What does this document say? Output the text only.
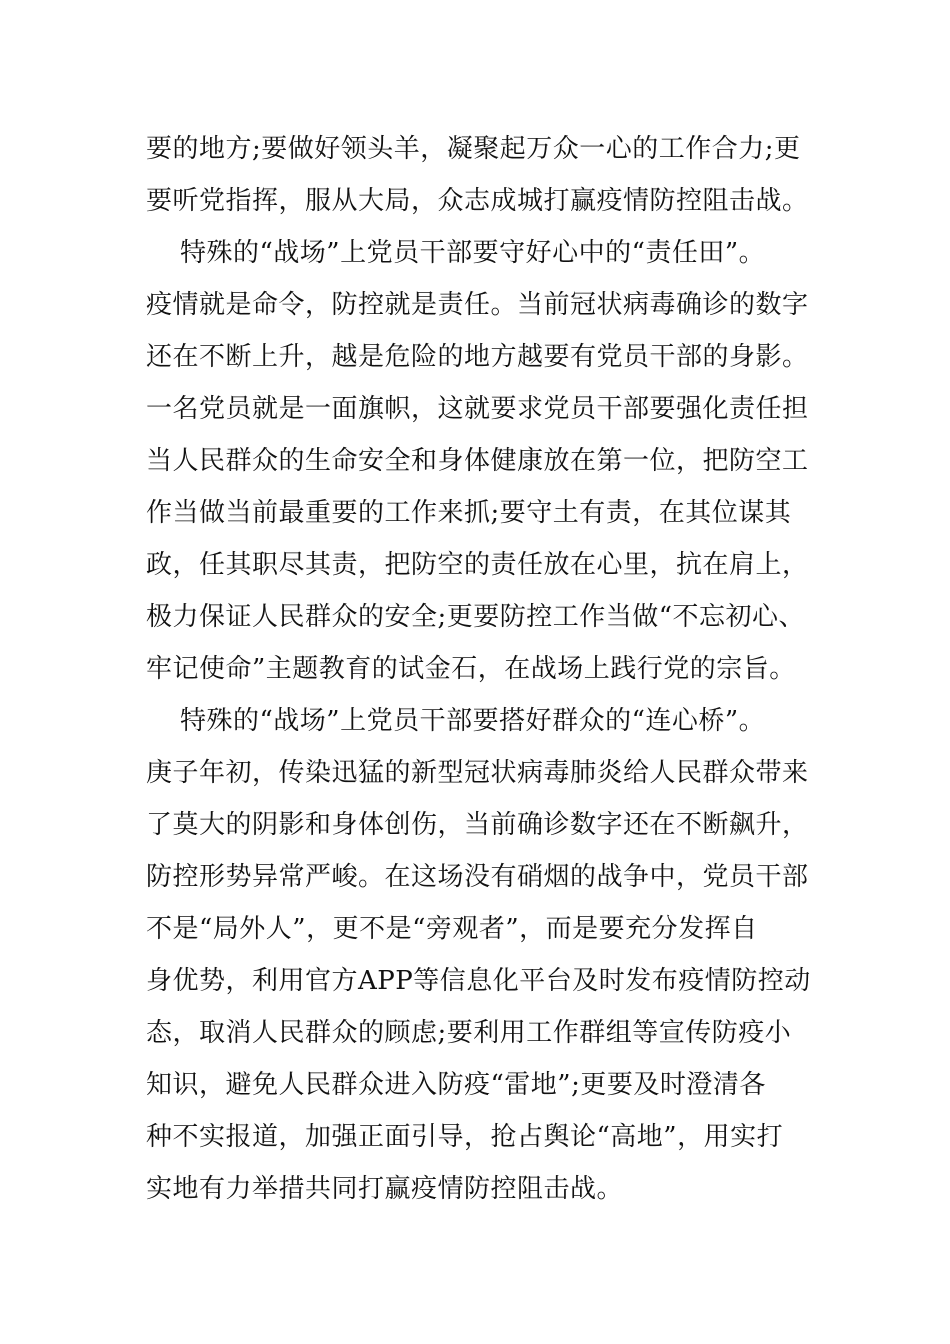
要的地方;要做好领头羊，凝聚起万众一心的工作合力;更
要听党指挥，服从大局，众志成城打赢疫情防控阻击战。
特殊的“战场”上党员干部要守好心中的“责任田”。
疫情就是命令，防控就是责任。当前冠状病毒确诊的数字
还在不断上升，越是危险的地方越要有党员干部的身影。
一名党员就是一面旗帜，这就要求党员干部要强化责任担
当人民群众的生命安全和身体健康放在第一位，把防空工
作当做当前最重要的工作来抓;要守土有责，在其位谋其
政，任其职尽其责，把防空的责任放在心里，抗在肩上，
极力保证人民群众的安全;更要防控工作当做“不忘初心、
牢记使命”主题教育的试金石，在战场上践行党的宗旨。
特殊的“战场”上党员干部要搭好群众的“连心桥”。
庚子年初，传染迅猛的新型冠状病毒肺炎给人民群众带来
了莫大的阴影和身体创伤，当前确诊数字还在不断飙升，
防控形势异常严峻。在这场没有硝烟的战争中，党员干部
不是“局外人”，更不是“旁观者”，而是要充分发挥自
身优势，利用官方APP等信息化平台及时发布疫情防控动
态，取消人民群众的顾虑;要利用工作群组等宣传防疫小
知识，避免人民群众进入防疫“雷地”;更要及时澄清各
种不实报道，加强正面引导，抢占舆论“高地”，用实打
实地有力举措共同打赢疫情防控阻击战。
